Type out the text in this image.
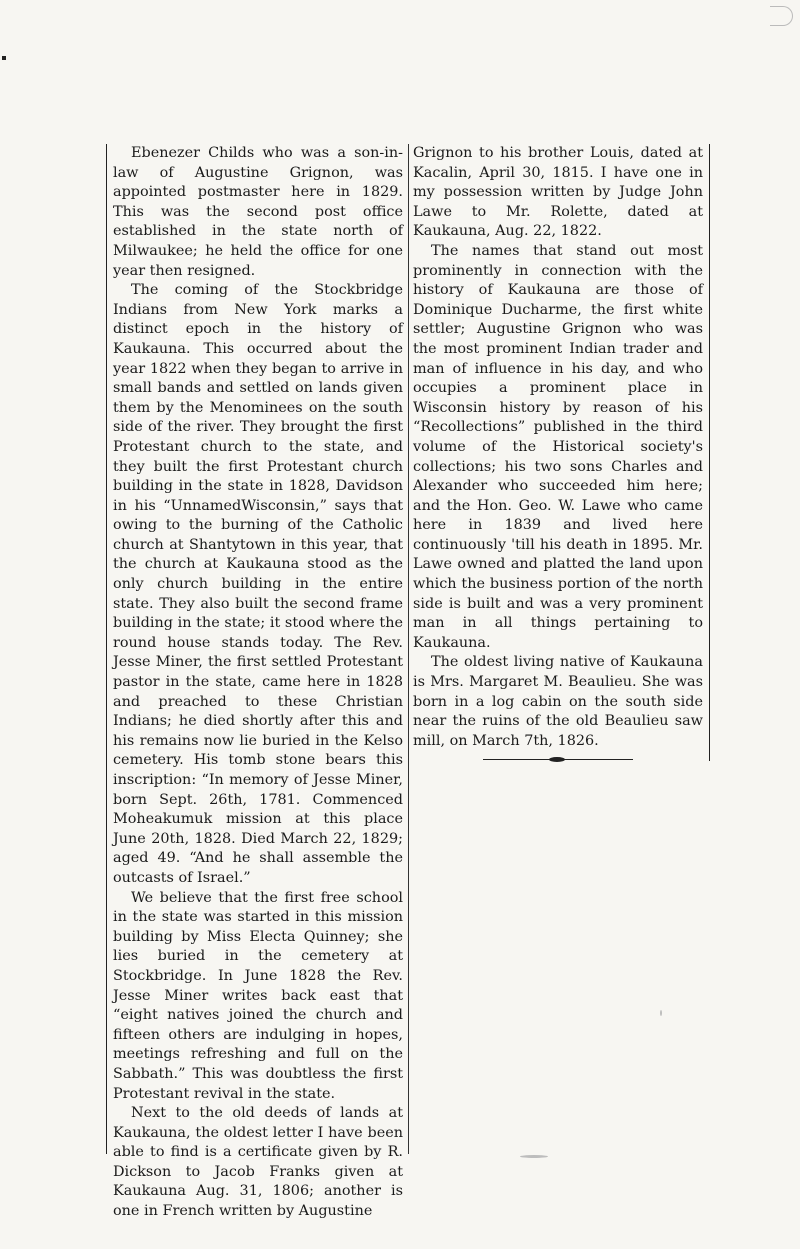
Ebenezer Childs who was a son-in-law of Augustine Grignon, was appointed postmaster here in 1829. This was the second post office established in the state north of Milwaukee; he held the office for one year then resigned.

The coming of the Stockbridge Indians from New York marks a distinct epoch in the history of Kaukauna. This occurred about the year 1822 when they began to arrive in small bands and settled on lands given them by the Menominees on the south side of the river. They brought the first Protestant church to the state, and they built the first Protestant church building in the state in 1828, Davidson in his “UnnamedWisconsin,” says that owing to the burning of the Catholic church at Shantytown in this year, that the church at Kaukauna stood as the only church building in the entire state. They also built the second frame building in the state; it stood where the round house stands today. The Rev. Jesse Miner, the first settled Protestant pastor in the state, came here in 1828 and preached to these Christian Indians; he died shortly after this and his remains now lie buried in the Kelso cemetery. His tomb stone bears this inscription: “In memory of Jesse Miner, born Sept. 26th, 1781. Commenced Moheakumuk mission at this place June 20th, 1828. Died March 22, 1829; aged 49. “And he shall assemble the outcasts of Israel.”

We believe that the first free school in the state was started in this mission building by Miss Electa Quinney; she lies buried in the cemetery at Stockbridge. In June 1828 the Rev. Jesse Miner writes back east that “eight natives joined the church and fifteen others are indulging in hopes, meetings refreshing and full on the Sabbath.” This was doubtless the first Protestant revival in the state.

Next to the old deeds of lands at Kaukauna, the oldest letter I have been able to find is a certificate given by R. Dickson to Jacob Franks given at Kaukauna Aug. 31, 1806; another is one in French written by Augustine

Grignon to his brother Louis, dated at Kacalin, April 30, 1815. I have one in my possession written by Judge John Lawe to Mr. Rolette, dated at Kaukauna, Aug. 22, 1822.

The names that stand out most prominently in connection with the history of Kaukauna are those of Dominique Ducharme, the first white settler; Augustine Grignon who was the most prominent Indian trader and man of influence in his day, and who occupies a prominent place in Wisconsin history by reason of his “Recollections” published in the third volume of the Historical society's collections; his two sons Charles and Alexander who succeeded him here; and the Hon. Geo. W. Lawe who came here in 1839 and lived here continuously 'till his death in 1895. Mr. Lawe owned and platted the land upon which the business portion of the north side is built and was a very prominent man in all things pertaining to Kaukauna.

The oldest living native of Kaukauna is Mrs. Margaret M. Beaulieu. She was born in a log cabin on the south side near the ruins of the old Beaulieu saw mill, on March 7th, 1826.
